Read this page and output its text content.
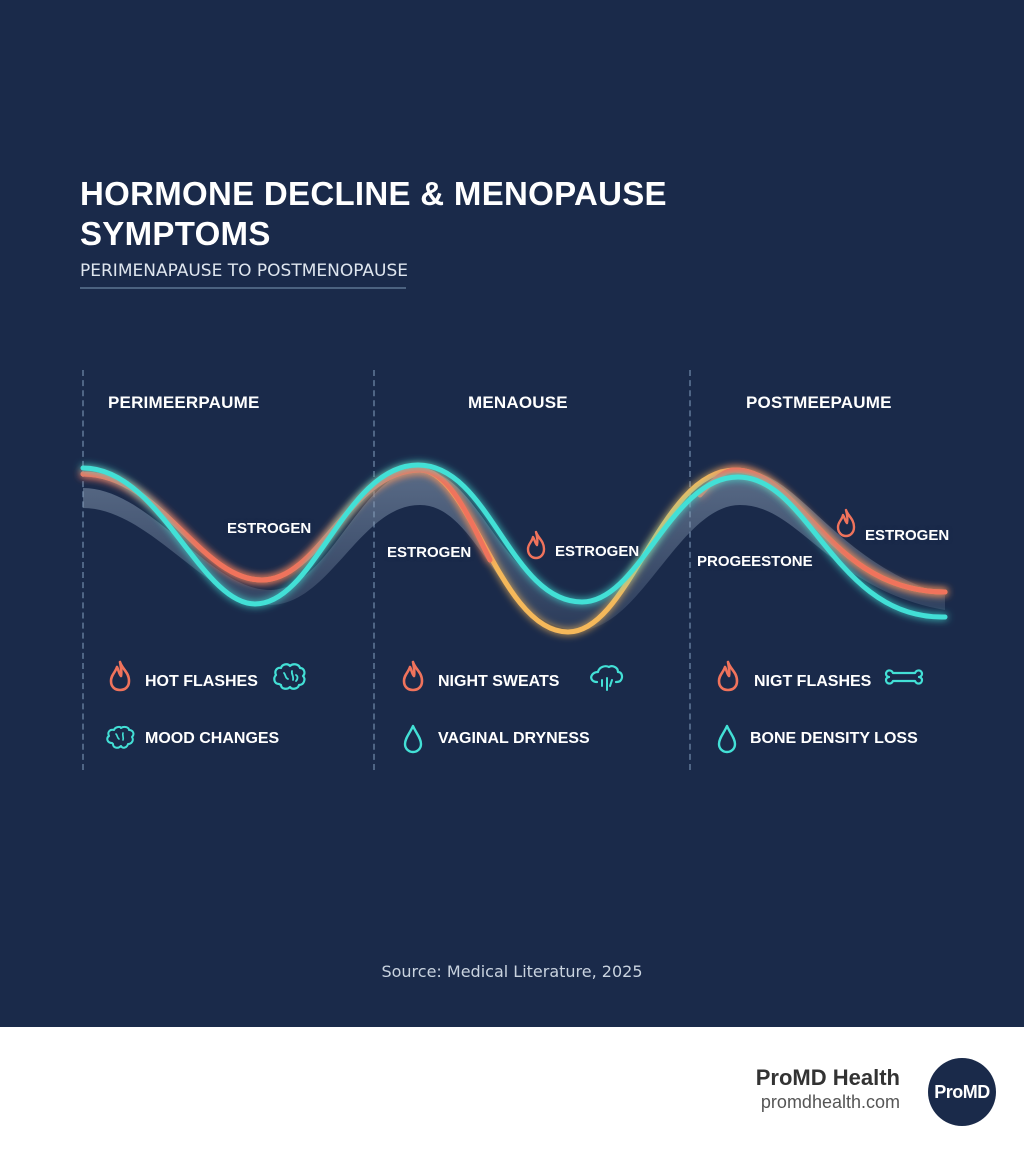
HORMONE DECLINE & MENOPAUSE SYMPTOMS
PERIMENAPAUSE TO POSTMENOPAUSE
PERIMEERPAUME	MENAOUSE	POSTMEEPAUME
ESTROGEN
ESTROGEN	ESTROGEN
ESTROGEN
PROGEESTONE
HOT FLASHES
MOOD CHANGES
NIGHT SWEATS
VAGINAL DRYNESS
NIGT FLASHES
BONE DENSITY LOSS
Source: Medical Literature, 2025
ProMD Health
promdhealth.com
ProMD
